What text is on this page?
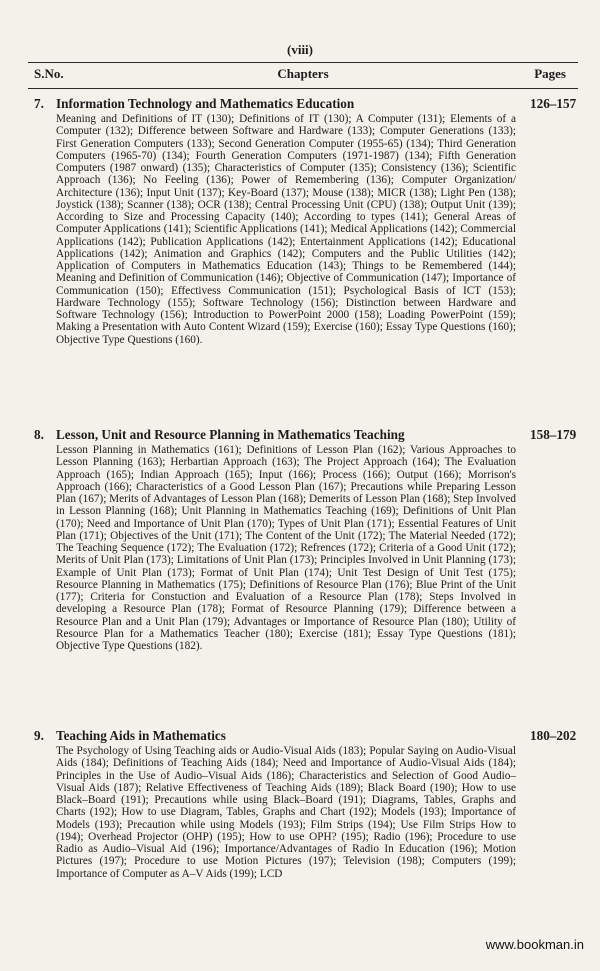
(viii)
S.No.	Chapters	Pages
7. Information Technology and Mathematics Education	126–157

Meaning and Definitions of IT (130); Definitions of IT (130); A Computer (131); Elements of a Computer (132); Difference between Software and Hardware (133); Computer Generations (133); First Generation Computers (133); Second Generation Computer (1955-65) (134); Third Generation Computers (1965-70) (134); Fourth Generation Computers (1971-1987) (134); Fifth Generation Computers (1987 onward) (135); Characteristics of Computer (135); Consistency (136); Scientific Approach (136); No Feeling (136); Power of Remembering (136); Computer Organization/ Architecture (136); Input Unit (137); Key-Board (137); Mouse (138); MICR (138); Light Pen (138); Joystick (138); Scanner (138); OCR (138); Central Processing Unit (CPU) (138); Output Unit (139); According to Size and Processing Capacity (140); According to types (141); General Areas of Computer Applications (141); Scientific Applications (141); Medical Applications (142); Commercial Applications (142); Publication Applications (142); Entertainment Applications (142); Educational Applications (142); Animation and Graphics (142); Computers and the Public Utilities (142); Application of Computers in Mathematics Education (143); Things to be Remembered (144); Meaning and Definition of Communication (146); Objective of Communication (147); Importance of Communication (150); Effectivess Communication (151); Psychological Basis of ICT (153); Hardware Technology (155); Software Technology (156); Distinction between Hardware and Software Technology (156); Introduction to PowerPoint 2000 (158); Loading PowerPoint (159); Making a Presentation with Auto Content Wizard (159); Exercise (160); Essay Type Questions (160); Objective Type Questions (160).

8. Lesson, Unit and Resource Planning in Mathematics Teaching	158–179

Lesson Planning in Mathematics (161); Definitions of Lesson Plan (162); Various Approaches to Lesson Planning (163); Herbartian Approach (163); The Project Approach (164); The Evaluation Approach (165); Indian Approach (165); Input (166); Process (166); Output (166); Morrison's Approach (166); Characteristics of a Good Lesson Plan (167); Precautions while Preparing Lesson Plan (167); Merits of Advantages of Lesson Plan (168); Demerits of Lesson Plan (168); Step Involved in Lesson Planning (168); Unit Planning in Mathematics Teaching (169); Definitions of Unit Plan (170); Need and Importance of Unit Plan (170); Types of Unit Plan (171); Essential Features of Unit Plan (171); Objectives of the Unit (171); The Content of the Unit (172); The Material Needed (172); The Teaching Sequence (172); The Evaluation (172); Refrences (172); Criteria of a Good Unit (172); Merits of Unit Plan (173); Limitations of Unit Plan (173); Principles Involved in Unit Planning (173); Example of Unit Plan (173); Format of Unit Plan (174); Unit Test Design of Unit Test (175); Resource Planning in Mathematics (175); Definitions of Resource Plan (176); Blue Print of the Unit (177); Criteria for Constuction and Evaluation of a Resource Plan (178); Steps Involved in developing a Resource Plan (178); Format of Resource Planning (179); Difference between a Resource Plan and a Unit Plan (179); Advantages or Importance of Resource Plan (180); Utility of Resource Plan for a Mathematics Teacher (180); Exercise (181); Essay Type Questions (181); Objective Type Questions (182).

9. Teaching Aids in Mathematics	180–202

The Psychology of Using Teaching aids or Audio-Visual Aids (183); Popular Saying on Audio-Visual Aids (184); Definitions of Teaching Aids (184); Need and Importance of Audio-Visual Aids (184); Principles in the Use of Audio–Visual Aids (186); Characteristics and Selection of Good Audio–Visual Aids (187); Relative Effectiveness of Teaching Aids (189); Black Board (190); How to use Black–Board (191); Precautions while using Black–Board (191); Diagrams, Tables, Graphs and Charts (192); How to use Diagram, Tables, Graphs and Chart (192); Models (193); Importance of Models (193); Precaution while using Models (193); Film Strips (194); Use Film Strips How to (194); Overhead Projector (OHP) (195); How to use OPH? (195); Radio (196); Procedure to use Radio as Audio–Visual Aid (196); Importance/Advantages of Radio In Education (196); Motion Pictures (197); Procedure to use Motion Pictures (197); Television (198); Computers (199); Importance of Computer as A–V Aids (199); LCD

www.bookman.in
